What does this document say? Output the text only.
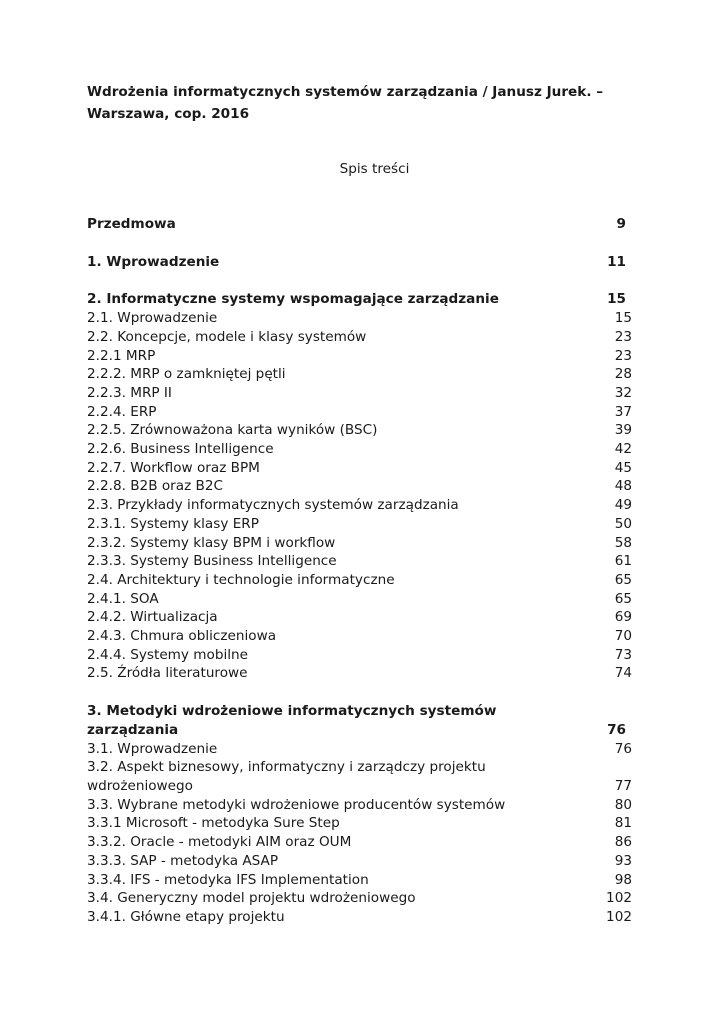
Wdrożenia informatycznych systemów zarządzania / Janusz Jurek. – Warszawa, cop. 2016
Spis treści
Przedmowa	9
1. Wprowadzenie	11
2. Informatyczne systemy wspomagające zarządzanie	15
2.1. Wprowadzenie	15
2.2. Koncepcje, modele i klasy systemów	23
2.2.1 MRP	23
2.2.2. MRP o zamkniętej pętli	28
2.2.3. MRP II	32
2.2.4. ERP	37
2.2.5. Zrównoważona karta wyników (BSC)	39
2.2.6. Business Intelligence	42
2.2.7. Workflow oraz BPM	45
2.2.8. B2B oraz B2C	48
2.3. Przykłady informatycznych systemów zarządzania	49
2.3.1. Systemy klasy ERP	50
2.3.2. Systemy klasy BPM i workflow	58
2.3.3. Systemy Business Intelligence	61
2.4. Architektury i technologie informatyczne	65
2.4.1. SOA	65
2.4.2. Wirtualizacja	69
2.4.3. Chmura obliczeniowa	70
2.4.4. Systemy mobilne	73
2.5. Źródła literaturowe	74
3. Metodyki wdrożeniowe informatycznych systemów zarządzania	76
3.1. Wprowadzenie	76
3.2. Aspekt biznesowy, informatyczny i zarządczy projektu wdrożeniowego	77
3.3. Wybrane metodyki wdrożeniowe producentów systemów	80
3.3.1 Microsoft - metodyka Sure Step	81
3.3.2. Oracle - metodyki AIM oraz OUM	86
3.3.3. SAP - metodyka ASAP	93
3.3.4. IFS - metodyka IFS Implementation	98
3.4. Generyczny model projektu wdrożeniowego	102
3.4.1. Główne etapy projektu	102
